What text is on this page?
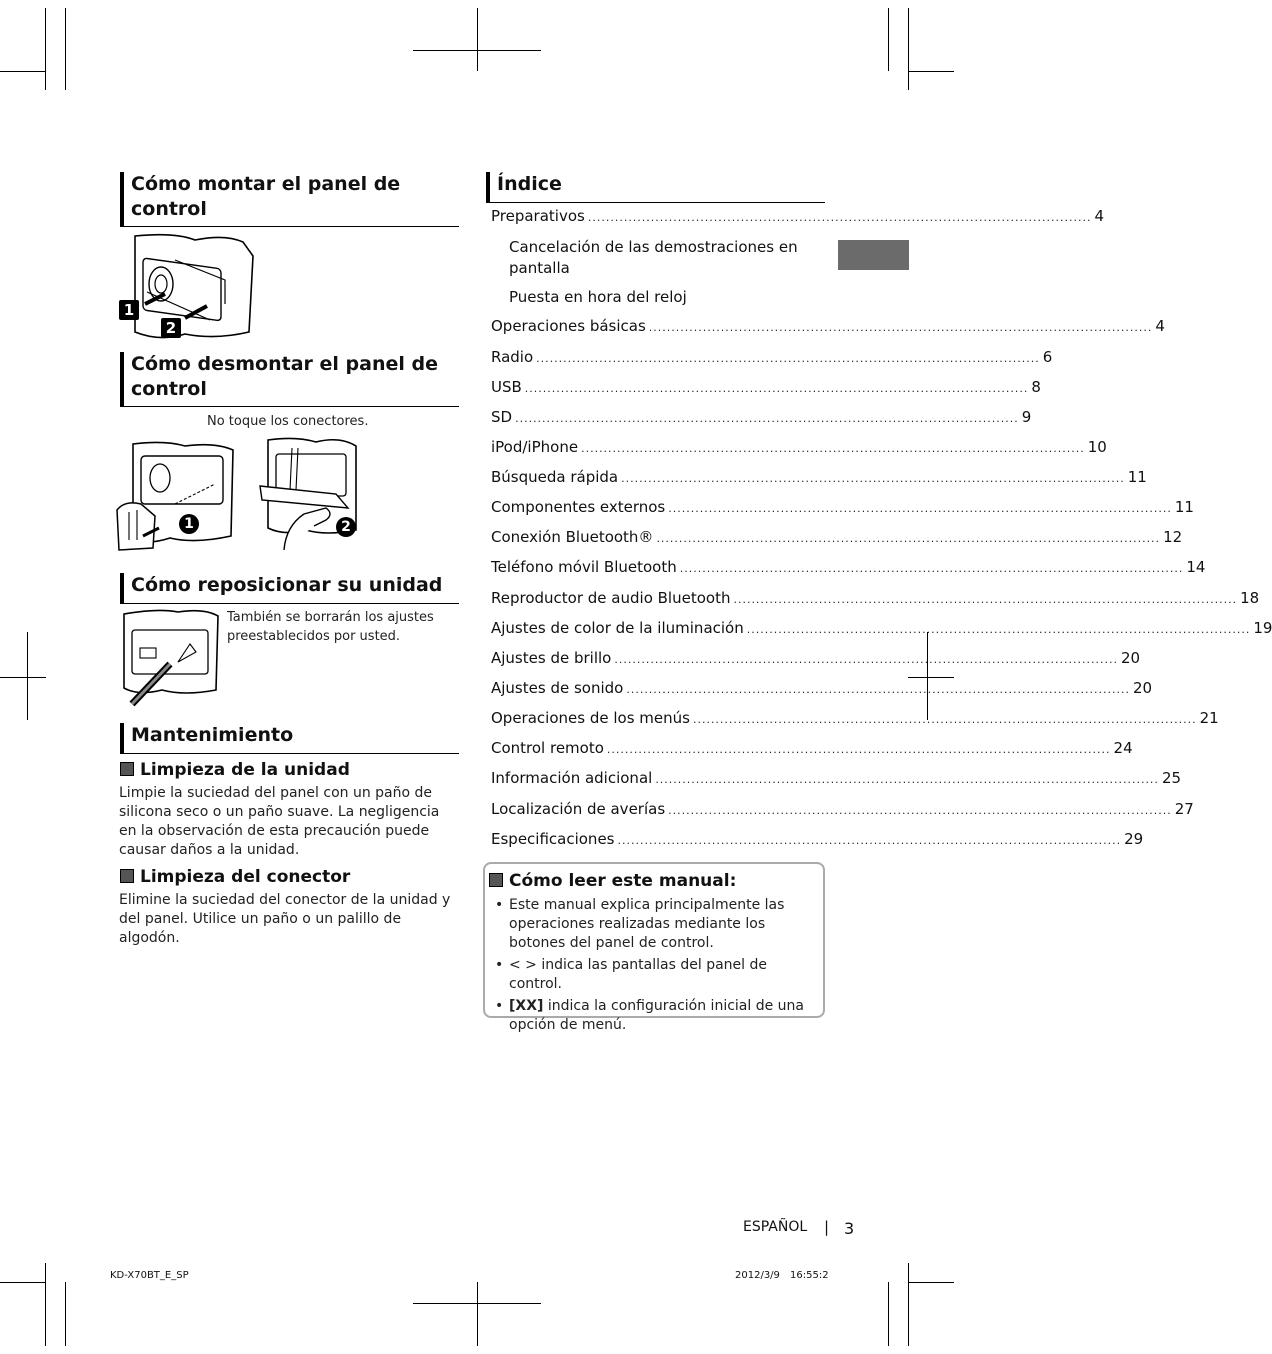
Cómo montar el panel de control
1
2
Cómo desmontar el panel de control
No toque los conectores.
1	2
Cómo reposicionar su unidad
También se borrarán los ajustes preestablecidos por usted.
Mantenimiento
Limpieza de la unidad
Limpie la suciedad del panel con un paño de silicona seco o un paño suave. La negligencia en la observación de esta precaución puede causar daños a la unidad.
Limpieza del conector
Elimine la suciedad del conector de la unidad y del panel. Utilice un paño o un palillo de algodón.
Índice
Preparativos ................................................................................................................ 4
Cancelación de las demostraciones en pantalla
Puesta en hora del reloj
Operaciones básicas ................................................................................................................ 4
Radio ................................................................................................................ 6
USB ................................................................................................................ 8
SD ................................................................................................................ 9
iPod/iPhone ................................................................................................................ 10
Búsqueda rápida ................................................................................................................ 11
Componentes externos ................................................................................................................ 11
Conexión Bluetooth® ................................................................................................................ 12
Teléfono móvil Bluetooth ................................................................................................................ 14
Reproductor de audio Bluetooth ................................................................................................................ 18
Ajustes de color de la iluminación ................................................................................................................ 19
Ajustes de brillo ................................................................................................................ 20
Ajustes de sonido ................................................................................................................ 20
Operaciones de los menús ................................................................................................................ 21
Control remoto ................................................................................................................ 24
Información adicional ................................................................................................................ 25
Localización de averías ................................................................................................................ 27
Especificaciones ................................................................................................................ 29
Cómo leer este manual:
• Este manual explica principalmente las operaciones realizadas mediante los botones del panel de control.
• < > indica las pantallas del panel de control.
• [XX] indica la configuración inicial de una opción de menú.
ESPAÑOL | 3
KD-X70BT_E_SP	2012/3/9 16:55:2
